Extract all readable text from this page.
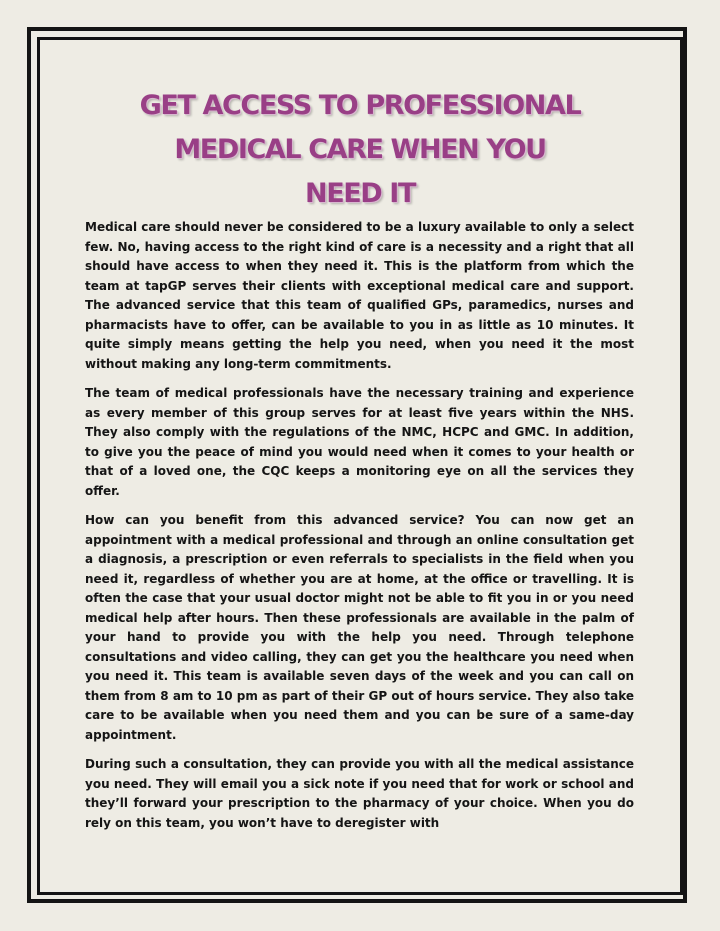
GET ACCESS TO PROFESSIONAL
MEDICAL CARE WHEN YOU
NEED IT

Medical care should never be considered to be a luxury available to only a select few. No, having access to the right kind of care is a necessity and a right that all should have access to when they need it. This is the platform from which the team at tapGP serves their clients with exceptional medical care and support. The advanced service that this team of qualified GPs, paramedics, nurses and pharmacists have to offer, can be available to you in as little as 10 minutes. It quite simply means getting the help you need, when you need it the most without making any long-term commitments.

The team of medical professionals have the necessary training and experience as every member of this group serves for at least five years within the NHS. They also comply with the regulations of the NMC, HCPC and GMC. In addition, to give you the peace of mind you would need when it comes to your health or that of a loved one, the CQC keeps a monitoring eye on all the services they offer.

How can you benefit from this advanced service? You can now get an appointment with a medical professional and through an online consultation get a diagnosis, a prescription or even referrals to specialists in the field when you need it, regardless of whether you are at home, at the office or travelling. It is often the case that your usual doctor might not be able to fit you in or you need medical help after hours. Then these professionals are available in the palm of your hand to provide you with the help you need. Through telephone consultations and video calling, they can get you the healthcare you need when you need it. This team is available seven days of the week and you can call on them from 8 am to 10 pm as part of their GP out of hours service. They also take care to be available when you need them and you can be sure of a same-day appointment.

During such a consultation, they can provide you with all the medical assistance you need. They will email you a sick note if you need that for work or school and they’ll forward your prescription to the pharmacy of your choice. When you do rely on this team, you won’t have to deregister with
